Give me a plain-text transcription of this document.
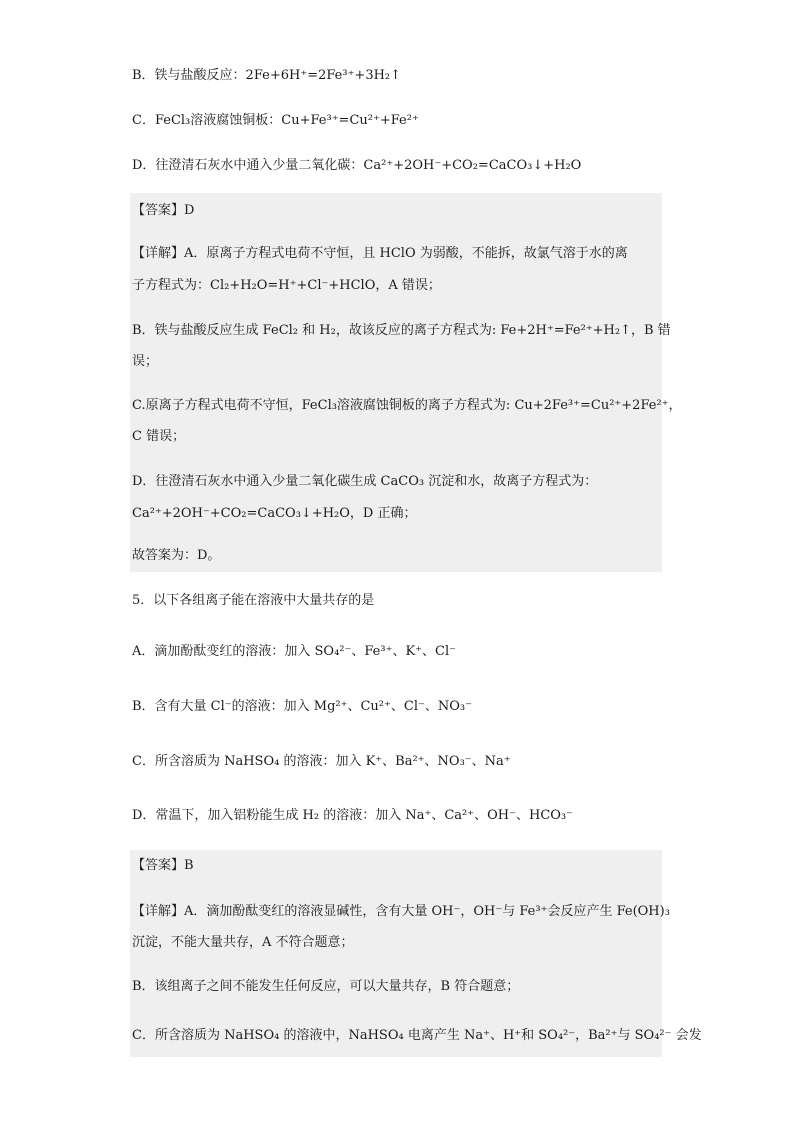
B．铁与盐酸反应：2Fe+6H⁺=2Fe³⁺+3H₂↑
C．FeCl₃溶液腐蚀铜板：Cu+Fe³⁺=Cu²⁺+Fe²⁺
D．往澄清石灰水中通入少量二氧化碳：Ca²⁺+2OH⁻+CO₂=CaCO₃↓+H₂O
【答案】D
【详解】A．原离子方程式电荷不守恒，且 HClO 为弱酸，不能拆，故氯气溶于水的离
子方程式为：Cl₂+H₂O=H⁺+Cl⁻+HClO，A 错误；
B．铁与盐酸反应生成 FeCl₂ 和 H₂，故该反应的离子方程式为: Fe+2H⁺=Fe²⁺+H₂↑，B 错
误；
C.原离子方程式电荷不守恒，FeCl₃溶液腐蚀铜板的离子方程式为: Cu+2Fe³⁺=Cu²⁺+2Fe²⁺，
C 错误；
D．往澄清石灰水中通入少量二氧化碳生成 CaCO₃ 沉淀和水，故离子方程式为：
Ca²⁺+2OH⁻+CO₂=CaCO₃↓+H₂O，D 正确；
故答案为：D。
5．以下各组离子能在溶液中大量共存的是
A．滴加酚酞变红的溶液：加入 SO₄²⁻、Fe³⁺、K⁺、Cl⁻
B．含有大量 Cl⁻的溶液：加入 Mg²⁺、Cu²⁺、Cl⁻、NO₃⁻
C．所含溶质为 NaHSO₄ 的溶液：加入 K⁺、Ba²⁺、NO₃⁻、Na⁺
D．常温下，加入铝粉能生成 H₂ 的溶液：加入 Na⁺、Ca²⁺、OH⁻、HCO₃⁻
【答案】B
【详解】A．滴加酚酞变红的溶液显碱性，含有大量 OH⁻，OH⁻与 Fe³⁺会反应产生 Fe(OH)₃
沉淀，不能大量共存，A 不符合题意；
B．该组离子之间不能发生任何反应，可以大量共存，B 符合题意；
C．所含溶质为 NaHSO₄ 的溶液中，NaHSO₄ 电离产生 Na⁺、H⁺和 SO₄²⁻，Ba²⁺与 SO₄²⁻ 会发
